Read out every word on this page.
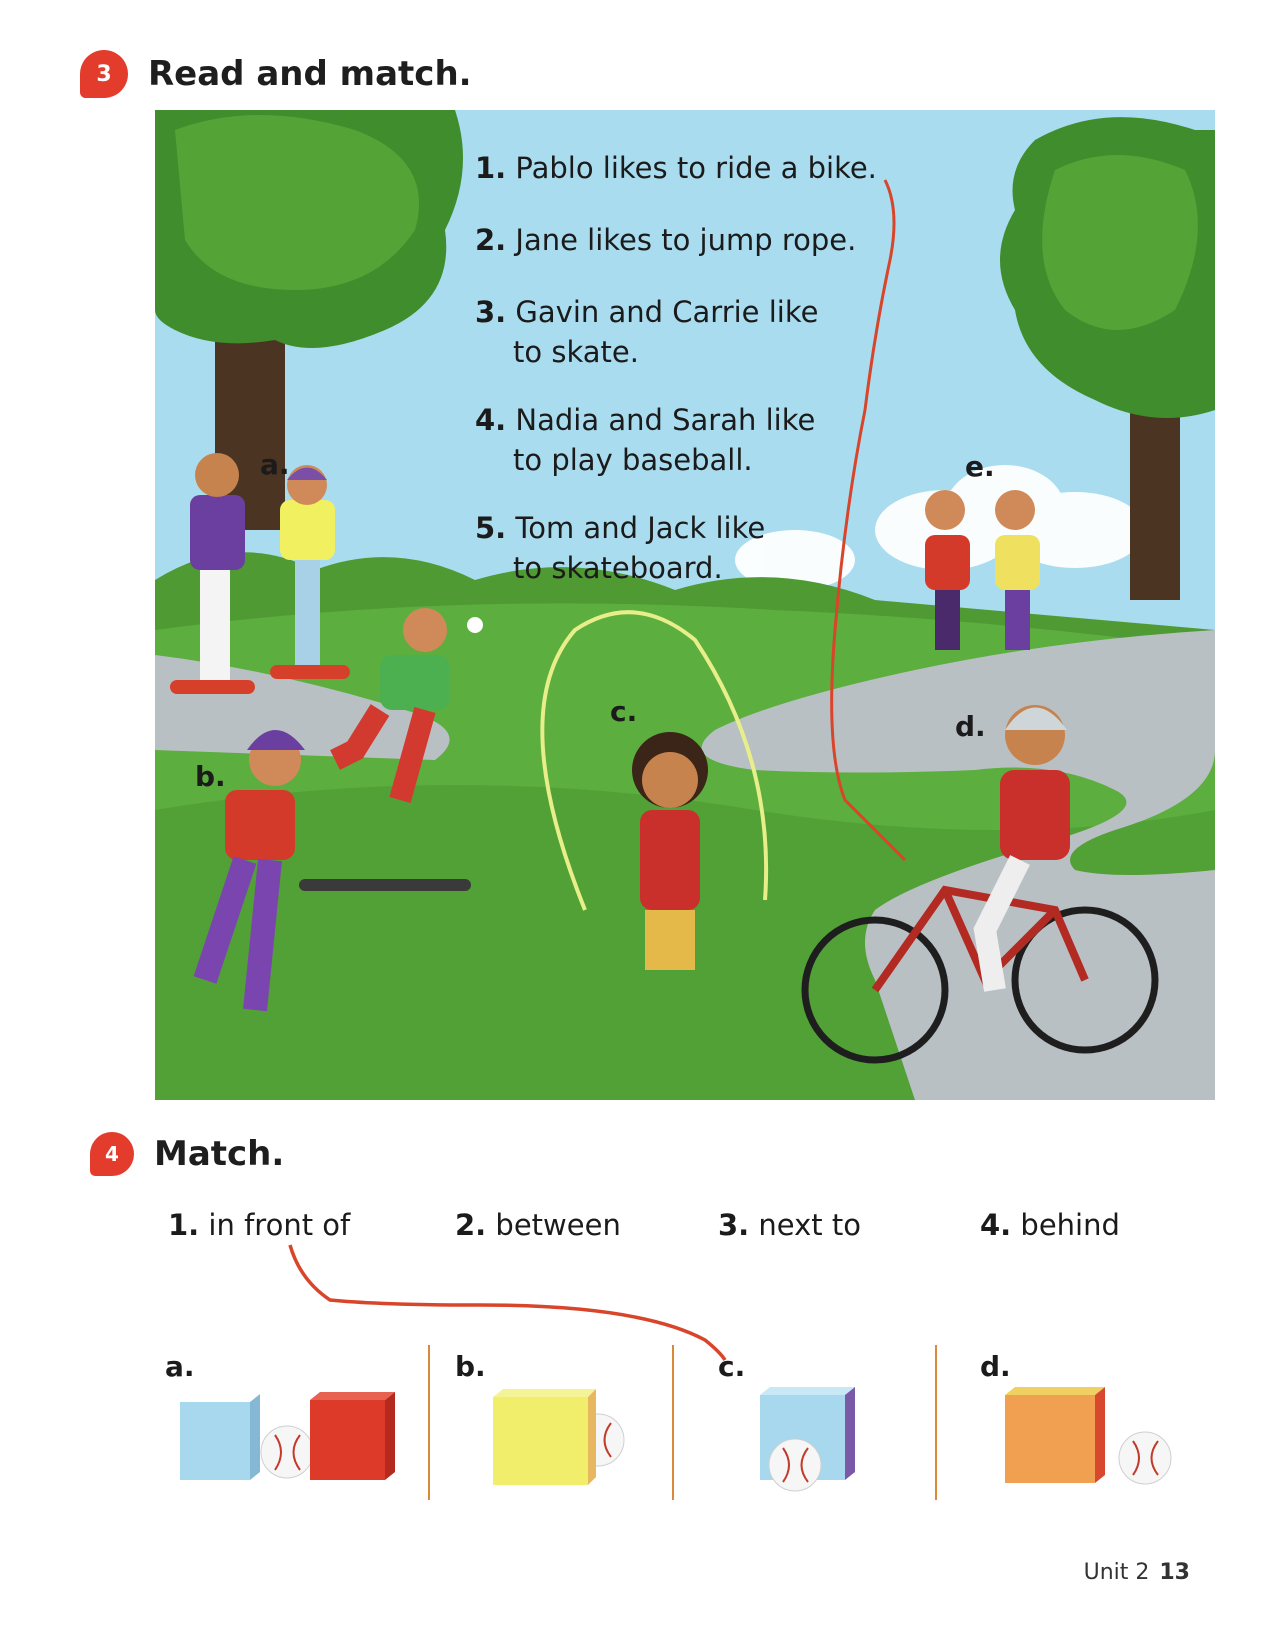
3	Read and match.
1. Pablo likes to ride a bike.
2. Jane likes to jump rope.
3. Gavin and Carrie like
to skate.
4. Nadia and Sarah like
to play baseball.
5. Tom and Jack like
to skateboard.
a.
b.
c.	d.
e.
4	Match.
1. in front of	2. between	3. next to	4. behind
a.	b.	c.	d.
Unit 2 13
